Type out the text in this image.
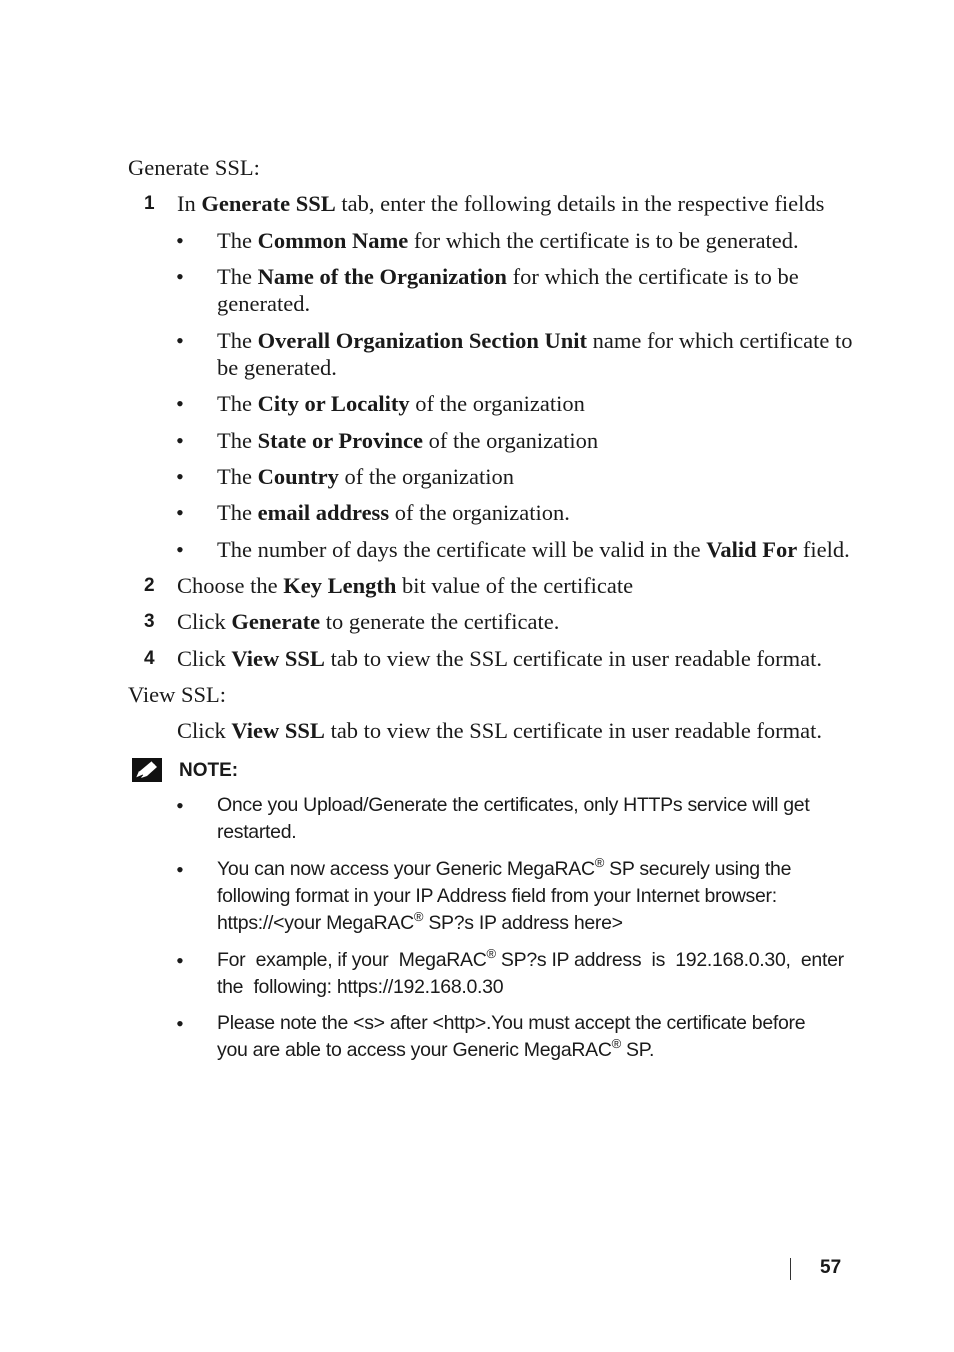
Generate SSL:
1 In Generate SSL tab, enter the following details in the respective fields
•	The Common Name for which the certificate is to be generated.
•	The Name of the Organization for which the certificate is to be
generated.
•	The Overall Organization Section Unit name for which certificate to
be generated.
•	The City or Locality of the organization
•	The State or Province of the organization
•	The Country of the organization
•	The email address of the organization.
•	The number of days the certificate will be valid in the Valid For field.
2 Choose the Key Length bit value of the certificate
3 Click Generate to generate the certificate.
4 Click View SSL tab to view the SSL certificate in user readable format.
View SSL:
Click View SSL tab to view the SSL certificate in user readable format.
NOTE:
•	Once you Upload/Generate the certificates, only HTTPs service will get
restarted.
•	You can now access your Generic MegaRAC® SP securely using the
following format in your IP Address field from your Internet browser:
https://<your MegaRAC® SP?s IP address here>
•	For  example, if your  MegaRAC® SP?s IP address  is  192.168.0.30,  enter
the  following: https://192.168.0.30
•	Please note the <s> after <http>.You must accept the certificate before
you are able to access your Generic MegaRAC® SP.
57
